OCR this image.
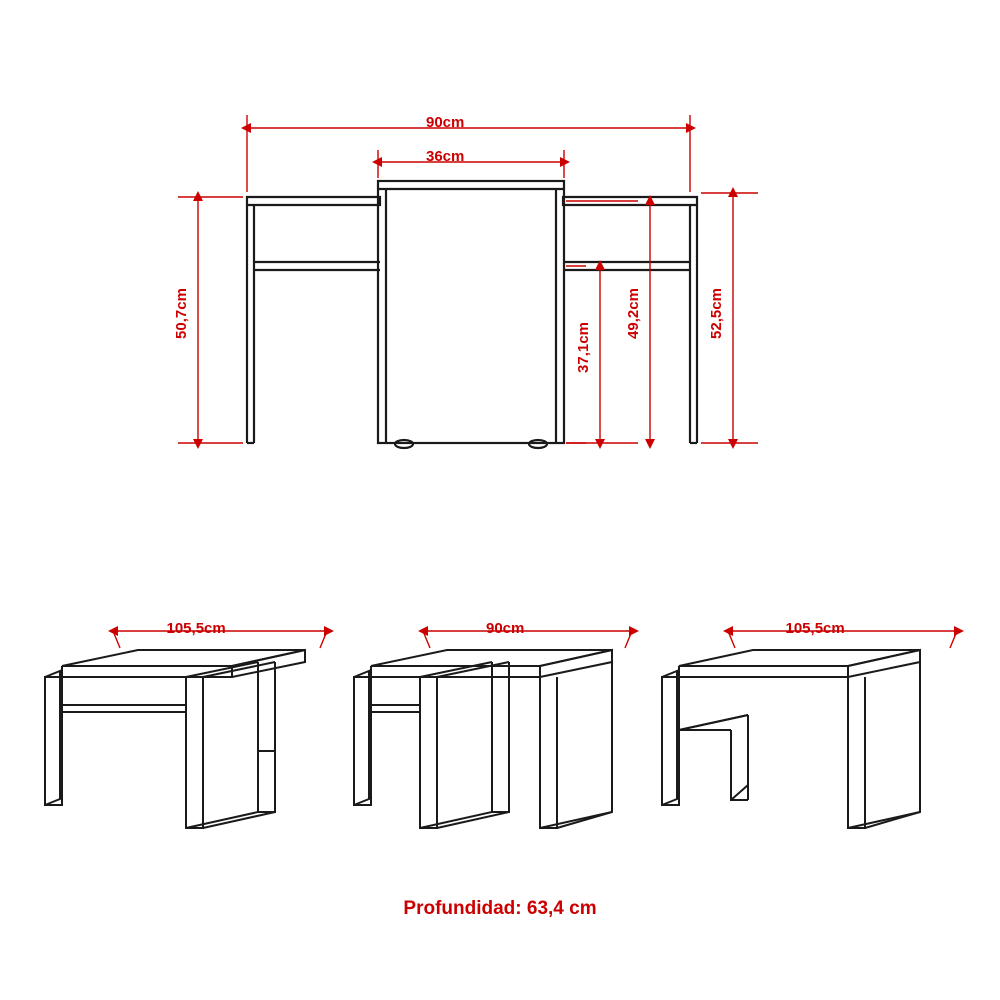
90cm
36cm
50,7cm
37,1cm
49,2cm	52,5cm
105,5cm	90cm	105,5cm
Profundidad: 63,4 cm
